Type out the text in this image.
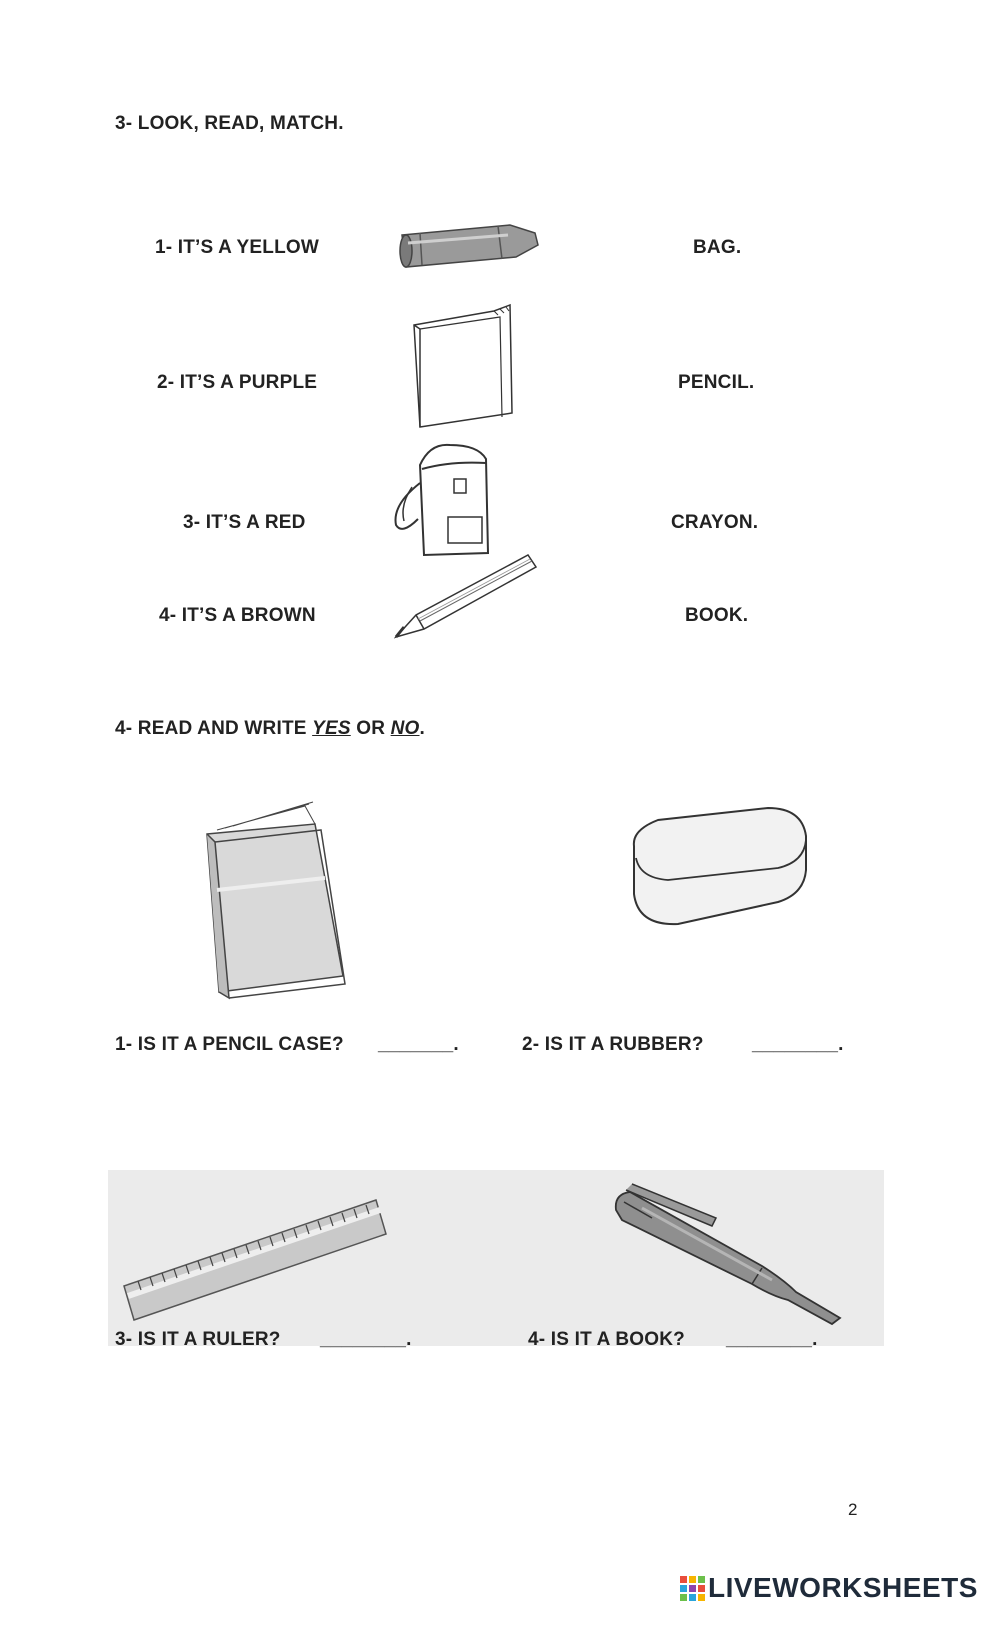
3- LOOK, READ, MATCH.
1- IT’S A YELLOW
2- IT’S A PURPLE
3- IT’S A RED
4- IT’S A BROWN
BAG.
PENCIL.
CRAYON.
BOOK.
4- READ AND WRITE YES OR NO.
1- IS IT A PENCIL CASE? _______.	2- IS IT A RUBBER?	________.
3- IS IT A RULER? ________.	4- IS IT A BOOK? ________.
2
LIVEWORKSHEETS
